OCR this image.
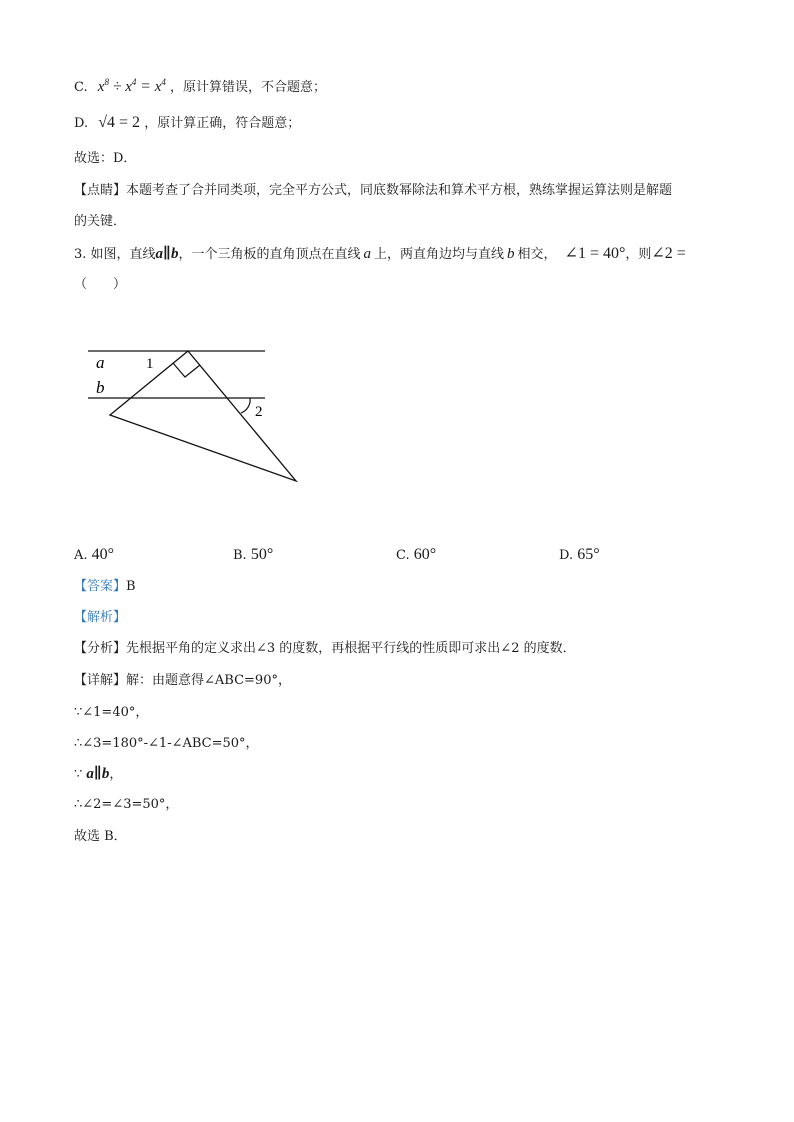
C. $x^8 \div x^4 = x^4$ ，原计算错误，不合题意；
D. √4 = 2 ，原计算正确，符合题意；
故选：D．
【点睛】本题考查了合并同类项，完全平方公式，同底数幂除法和算术平方根，熟练掌握运算法则是解题
的关键．
3. 如图，直线a∥b，一个三角板的直角顶点在直线 a 上，两直角边均与直线 b 相交， ∠1 = 40°，则∠2 =
（　　）
a
b
1
2
A. 40°	B. 50°	C. 60°	D. 65°
【答案】B
【解析】
【分析】先根据平角的定义求出∠3 的度数，再根据平行线的性质即可求出∠2 的度数．
【详解】解：由题意得∠ABC=90°，
∵∠1=40°，
∴∠3=180°-∠1-∠ABC=50°，
∵ a∥b，
∴∠2=∠3=50°，
故选 B．
